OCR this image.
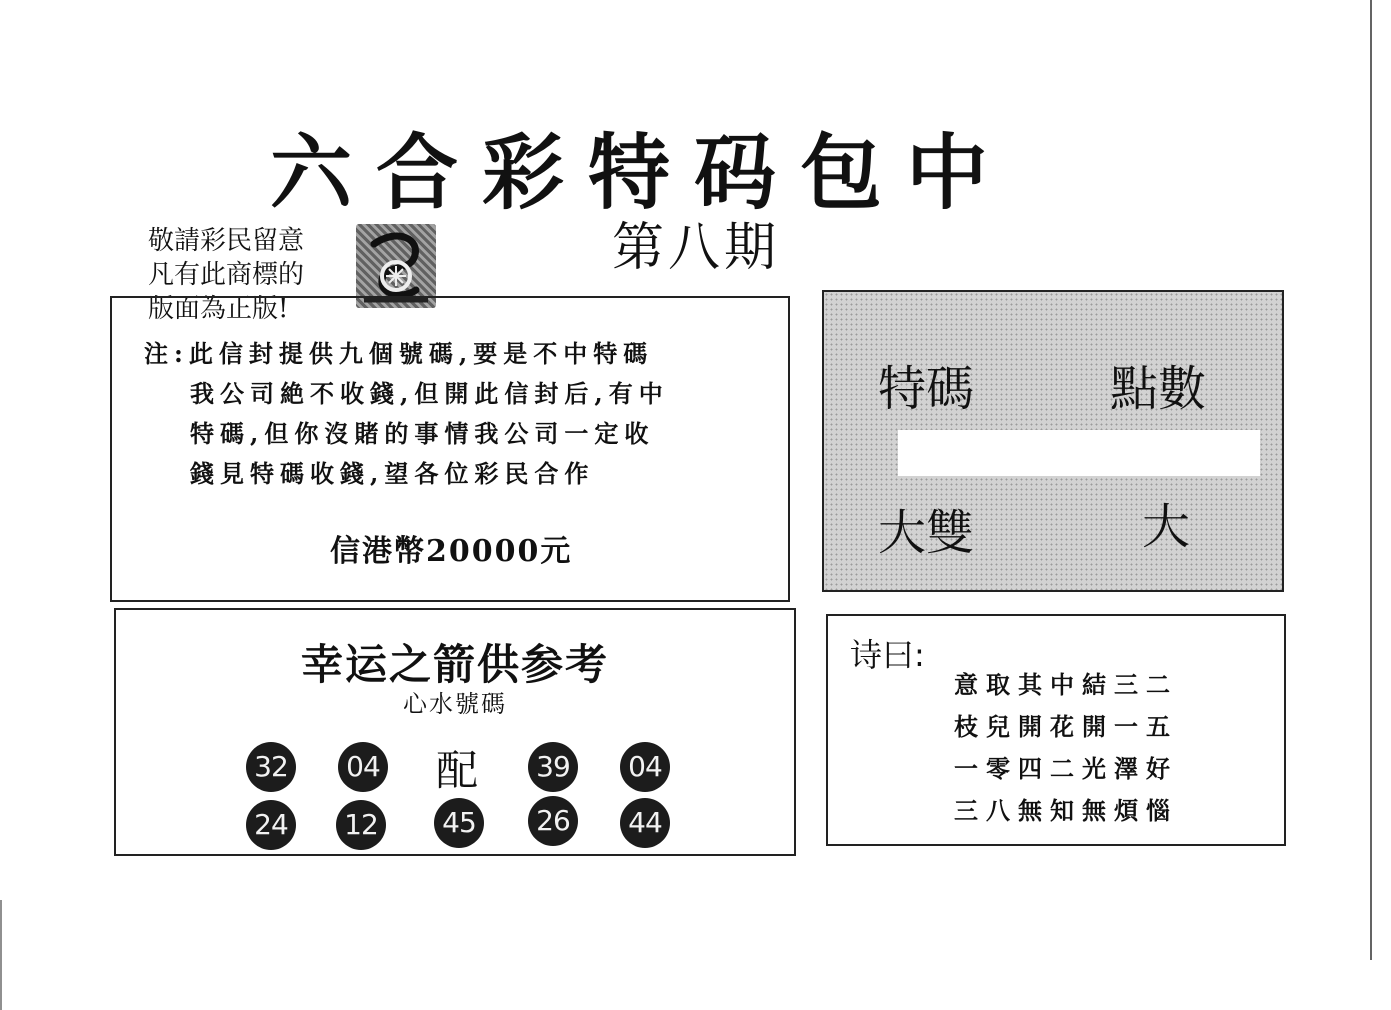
六合彩特码包中
第八期
敬請彩民留意
凡有此商標的
版面為正版!
注:此信封提供九個號碼,要是不中特碼
我公司絶不收錢,但開此信封后,有中
特碼,但你沒賭的事情我公司一定收
錢見特碼收錢,望各位彩民合作
信港幣20000元
特碼	點數
大雙	大
幸运之箭供参考
心水號碼
32 04 配 39 04
24 12 45 26 44
诗曰:
意取其中結三二
枝兒開花開一五
一零四二光澤好
三八無知無煩惱
